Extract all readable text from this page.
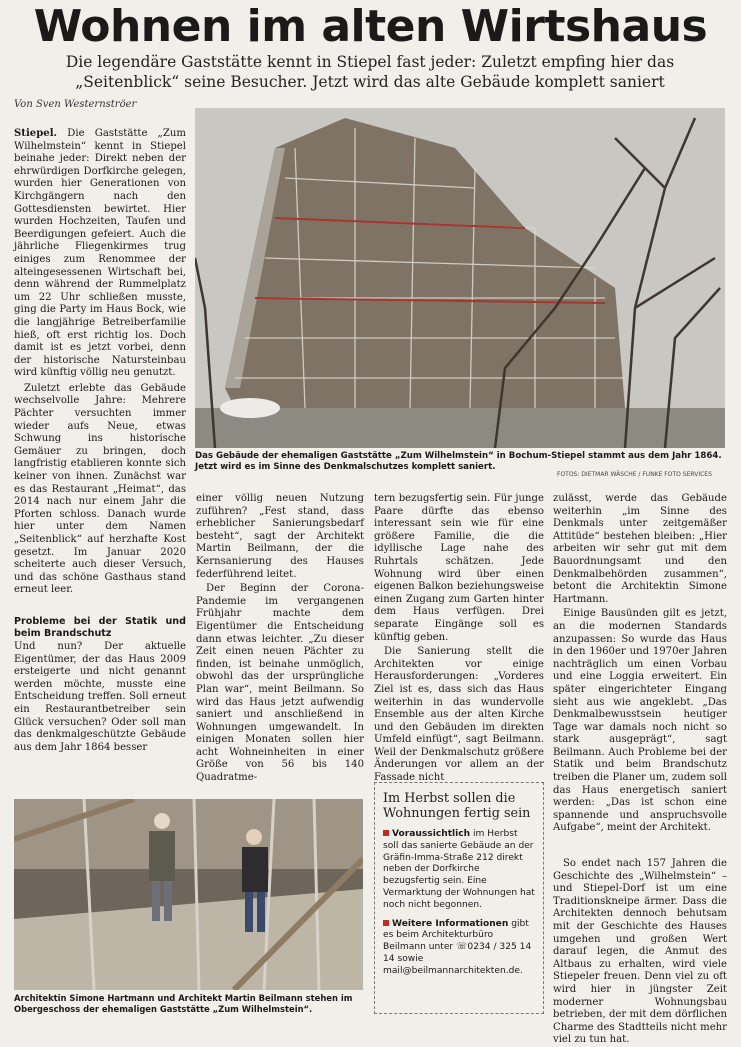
Wohnen im alten Wirtshaus
Die legendäre Gaststätte kennt in Stiepel fast jeder: Zuletzt empfing hier das
„Seitenblick“ seine Besucher. Jetzt wird das alte Gebäude komplett saniert
Von Sven Westernströer

Stiepel. Die Gaststätte „Zum Wilhelmstein“ kennt in Stiepel beinahe jeder: Direkt neben der ehrwürdigen Dorfkirche gelegen, wurden hier Generationen von Kirchgängern nach den Gottesdiensten bewirtet. Hier wurden Hochzeiten, Taufen und Beerdigungen gefeiert. Auch die jährliche Fliegenkirmes trug einiges zum Renommee der alteingesessenen Wirtschaft bei, denn während der Rummelplatz um 22 Uhr schließen musste, ging die Party im Haus Bock, wie die langjährige Betreiberfamilie hieß, oft erst richtig los. Doch damit ist es jetzt vorbei, denn der historische Natursteinbau wird künftig völlig neu genutzt.

Zuletzt erlebte das Gebäude wechselvolle Jahre: Mehrere Pächter versuchten immer wieder aufs Neue, etwas Schwung ins historische Gemäuer zu bringen, doch langfristig etablieren konnte sich keiner von ihnen. Zunächst war es das Restaurant „Heimat“, das 2014 nach nur einem Jahr die Pforten schloss. Danach wurde hier unter dem Namen „Seitenblick“ auf herzhafte Kost gesetzt. Im Januar 2020 scheiterte auch dieser Versuch, und das schöne Gasthaus stand erneut leer.

Das Gebäude der ehemaligen Gaststätte „Zum Wilhelmstein“ in Bochum-Stiepel stammt aus dem Jahr 1864. Jetzt wird es im Sinne des Denkmalschutzes komplett saniert.
FOTOS: DIETMAR WÄSCHE / FUNKE FOTO SERVICES
Probleme bei der Statik und beim Brandschutz

Und nun? Der aktuelle Eigentümer, der das Haus 2009 ersteigerte und nicht genannt werden möchte, musste eine Entscheidung treffen. Soll erneut ein Restaurantbetreiber sein Glück versuchen? Oder soll man das denkmalgeschützte Gebäude aus dem Jahr 1864 besser

einer völlig neuen Nutzung zuführen? „Fest stand, dass erheblicher Sanierungsbedarf besteht“, sagt der Architekt Martin Beilmann, der die Kernsanierung des Hauses federführend leitet.

Der Beginn der Corona-Pandemie im vergangenen Frühjahr machte dem Eigentümer die Entscheidung dann etwas leichter. „Zu dieser Zeit einen neuen Pächter zu finden, ist beinahe unmöglich, obwohl das der ursprüngliche Plan war“, meint Beilmann. So wird das Haus jetzt aufwendig saniert und anschließend in Wohnungen umgewandelt. In einigen Monaten sollen hier acht Wohneinheiten in einer Größe von 56 bis 140 Quadratme-

tern bezugsfertig sein. Für junge Paare dürfte das ebenso interessant sein wie für eine größere Familie, die die idyllische Lage nahe des Ruhrtals schätzen. Jede Wohnung wird über einen eigenen Balkon beziehungsweise einen Zugang zum Garten hinter dem Haus verfügen. Drei separate Eingänge soll es künftig geben.

Die Sanierung stellt die Architekten vor einige Herausforderungen: „Vorderes Ziel ist es, dass sich das Haus weiterhin in das wundervolle Ensemble aus der alten Kirche und den Gebäuden im direkten Umfeld einfügt“, sagt Beilmann. Weil der Denkmalschutz größere Änderungen vor allem an der Fassade nicht

zulässt, werde das Gebäude weiterhin „im Sinne des Denkmals unter zeitgemäßer Attitüde“ bestehen bleiben: „Hier arbeiten wir sehr gut mit dem Bauordnungsamt und den Denkmalbehörden zusammen“, betont die Architektin Simone Hartmann.

Einige Bausünden gilt es jetzt, an die modernen Standards anzupassen: So wurde das Haus in den 1960er und 1970er Jahren nachträglich um einen Vorbau und eine Loggia erweitert. Ein später eingerichteter Eingang sieht aus wie angeklebt. „Das Denkmalbewusstsein heutiger Tage war damals noch nicht so stark ausgeprägt“, sagt Beilmann. Auch Probleme bei der Statik und beim Brandschutz treiben die Planer um, zudem soll das Haus energetisch saniert werden: „Das ist schon eine spannende und anspruchsvolle Aufgabe“, meint der Architekt.

So endet nach 157 Jahren die Geschichte des „Wilhelmstein“ – und Stiepel-Dorf ist um eine Traditionskneipe ärmer. Dass die Architekten dennoch behutsam mit der Geschichte des Hauses umgehen und großen Wert darauf legen, die Anmut des Altbaus zu erhalten, wird viele Stiepeler freuen. Denn viel zu oft wird hier in jüngster Zeit moderner Wohnungsbau betrieben, der mit dem dörflichen Charme des Stadtteils nicht mehr viel zu tun hat.

Architektin Simone Hartmann und Architekt Martin Beilmann stehen im Obergeschoss der ehemaligen Gaststätte „Zum Wilhelmstein“.
Im Herbst sollen die Wohnungen fertig sein

Voraussichtlich im Herbst soll das sanierte Gebäude an der Gräfin-Imma-Straße 212 direkt neben der Dorfkirche bezugsfertig sein. Eine Vermarktung der Wohnungen hat noch nicht begonnen.

Weitere Informationen gibt es beim Architekturbüro Beilmann unter ☏0234 / 325 14 14 sowie mail@beilmannarchitekten.de.
